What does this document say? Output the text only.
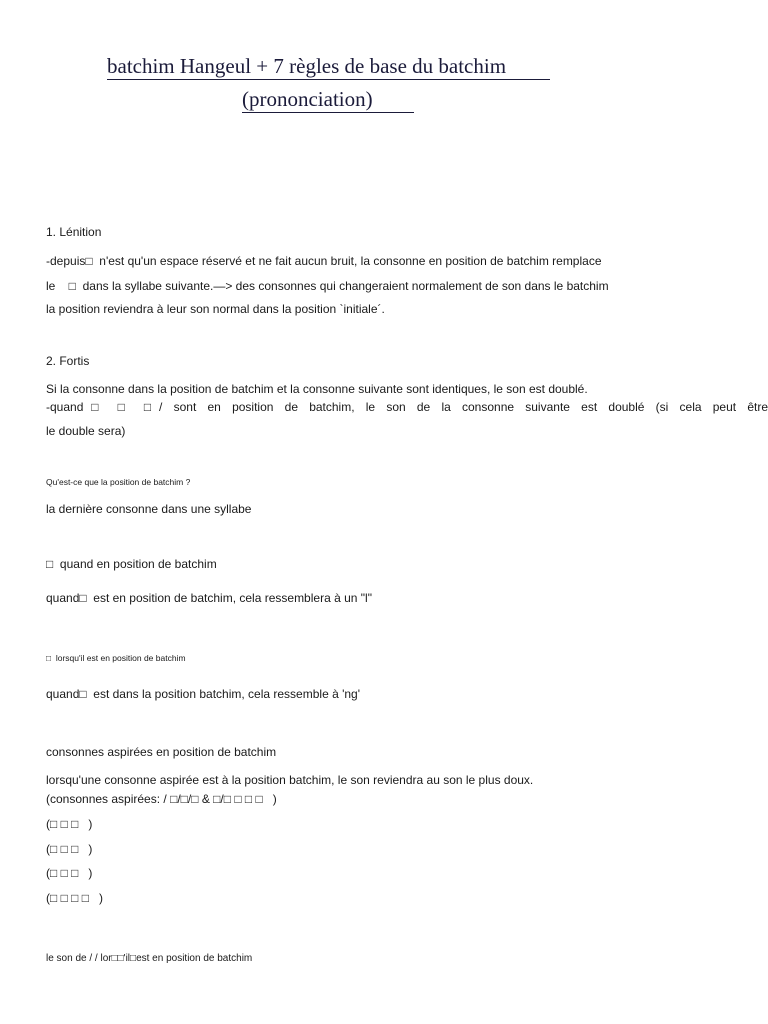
batchim Hangeul + 7 règles de base du batchim
(prononciation)
1. Lénition
-depuis□  n'est qu'un espace réservé et ne fait aucun bruit, la consonne en position de batchim remplace
le    □  dans la syllabe suivante.—> des consonnes qui changeraient normalement de son dans le batchim
la position reviendra à leur son normal dans la position `initiale´.
2. Fortis
Si la consonne dans la position de batchim et la consonne suivante sont identiques, le son est doublé.
-quand□ □ □/ sont en position de batchim, le son de la consonne suivante est doublé (si cela peut être
le double sera)
Qu'est-ce que la position de batchim ?
la dernière consonne dans une syllabe
□  quand en position de batchim
quand□  est en position de batchim, cela ressemblera à un "l"
□  lorsqu'il est en position de batchim
quand□  est dans la position batchim, cela ressemble à 'ng'
consonnes aspirées en position de batchim
lorsqu'une consonne aspirée est à la position batchim, le son reviendra au son le plus doux.
(consonnes aspirées: / □/□/□ & □/□ □ □ □   )
(□ □ □   )
(□ □ □   )
(□ □ □   )
(□ □ □ □   )
le son de / / lor□□'il□est en position de batchim
